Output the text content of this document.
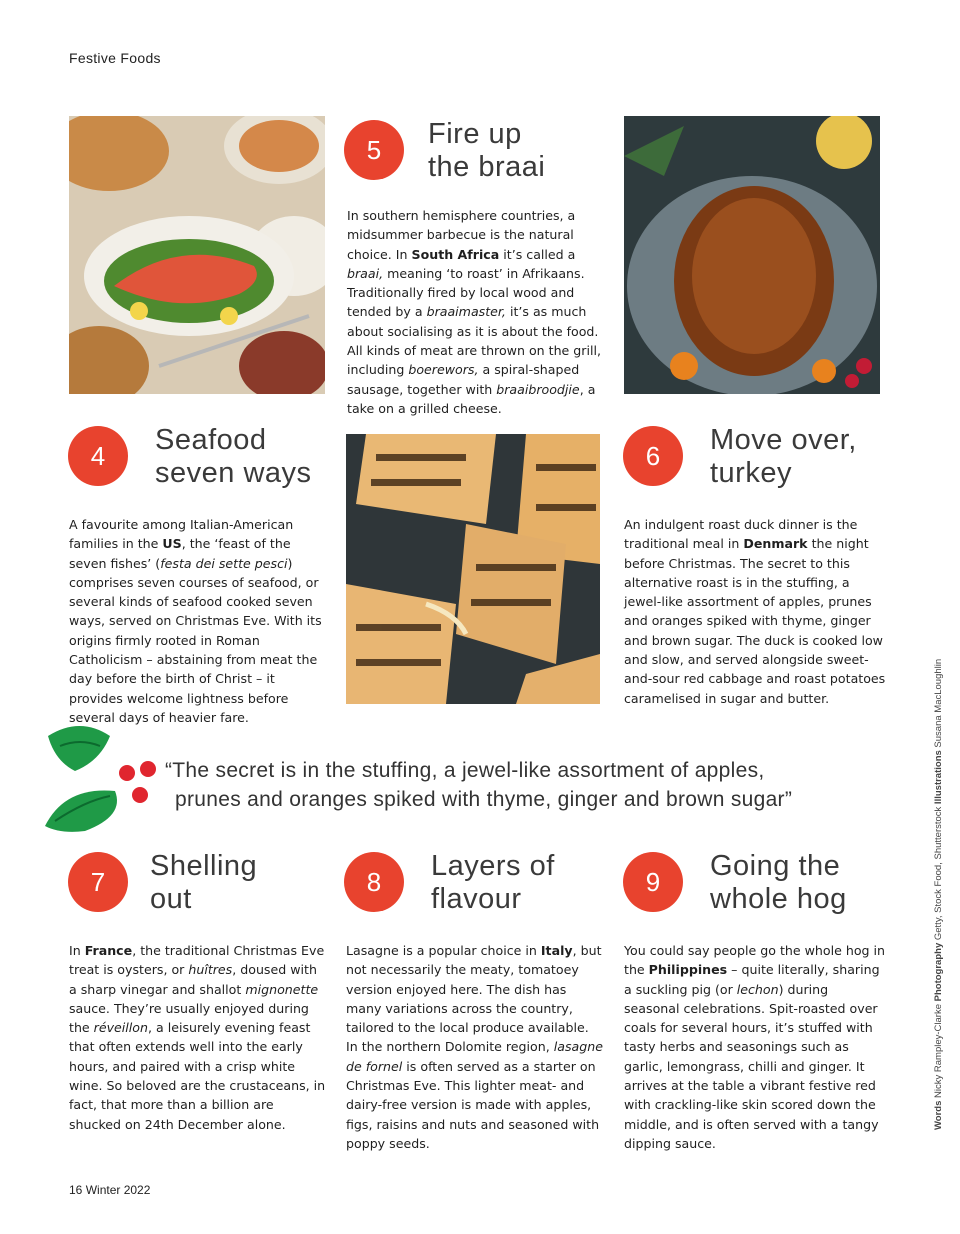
Festive Foods
5	Fire up
the braai
In southern hemisphere countries, a midsummer barbecue is the natural choice. In South Africa it’s called a braai, meaning ‘to roast’ in Afrikaans. Traditionally fired by local wood and tended by a braaimaster, it’s as much about socialising as it is about the food. All kinds of meat are thrown on the grill, including boerewors, a spiral-shaped sausage, together with braaibroodjie, a take on a grilled cheese.
4	Seafood
seven ways
A favourite among Italian-American families in the US, the ‘feast of the seven fishes’ (festa dei sette pesci) comprises seven courses of seafood, or several kinds of seafood cooked seven ways, served on Christmas Eve. With its origins firmly rooted in Roman Catholicism – abstaining from meat the day before the birth of Christ – it provides welcome lightness before several days of heavier fare.
6	Move over,
turkey
An indulgent roast duck dinner is the traditional meal in Denmark the night before Christmas. The secret to this alternative roast is in the stuffing, a jewel-like assortment of apples, prunes and oranges spiked with thyme, ginger and brown sugar. The duck is cooked low and slow, and served alongside sweet-and-sour red cabbage and roast potatoes caramelised in sugar and butter.
“The secret is in the stuffing, a jewel-like assortment of apples,
prunes and oranges spiked with thyme, ginger and brown sugar”
7	Shelling
out
In France, the traditional Christmas Eve treat is oysters, or huîtres, doused with a sharp vinegar and shallot mignonette sauce. They’re usually enjoyed during the réveillon, a leisurely evening feast that often extends well into the early hours, and paired with a crisp white wine. So beloved are the crustaceans, in fact, that more than a billion are shucked on 24th December alone.
8	Layers of
flavour
Lasagne is a popular choice in Italy, but not necessarily the meaty, tomatoey version enjoyed here. The dish has many variations across the country, tailored to the local produce available. In the northern Dolomite region, lasagne de fornel is often served as a starter on Christmas Eve. This lighter meat- and dairy-free version is made with apples, figs, raisins and nuts and seasoned with poppy seeds.
9	Going the
whole hog
You could say people go the whole hog in the Philippines – quite literally, sharing a suckling pig (or lechon) during seasonal celebrations. Spit-roasted over coals for several hours, it’s stuffed with tasty herbs and seasonings such as garlic, lemongrass, chilli and ginger. It arrives at the table a vibrant festive red with crackling-like skin scored down the middle, and is often served with a tangy dipping sauce.
Words Nicky Rampley-Clarke Photography Getty, Stock Food, Shutterstock Illustrations Susana MacLoughlin
16 Winter 2022
